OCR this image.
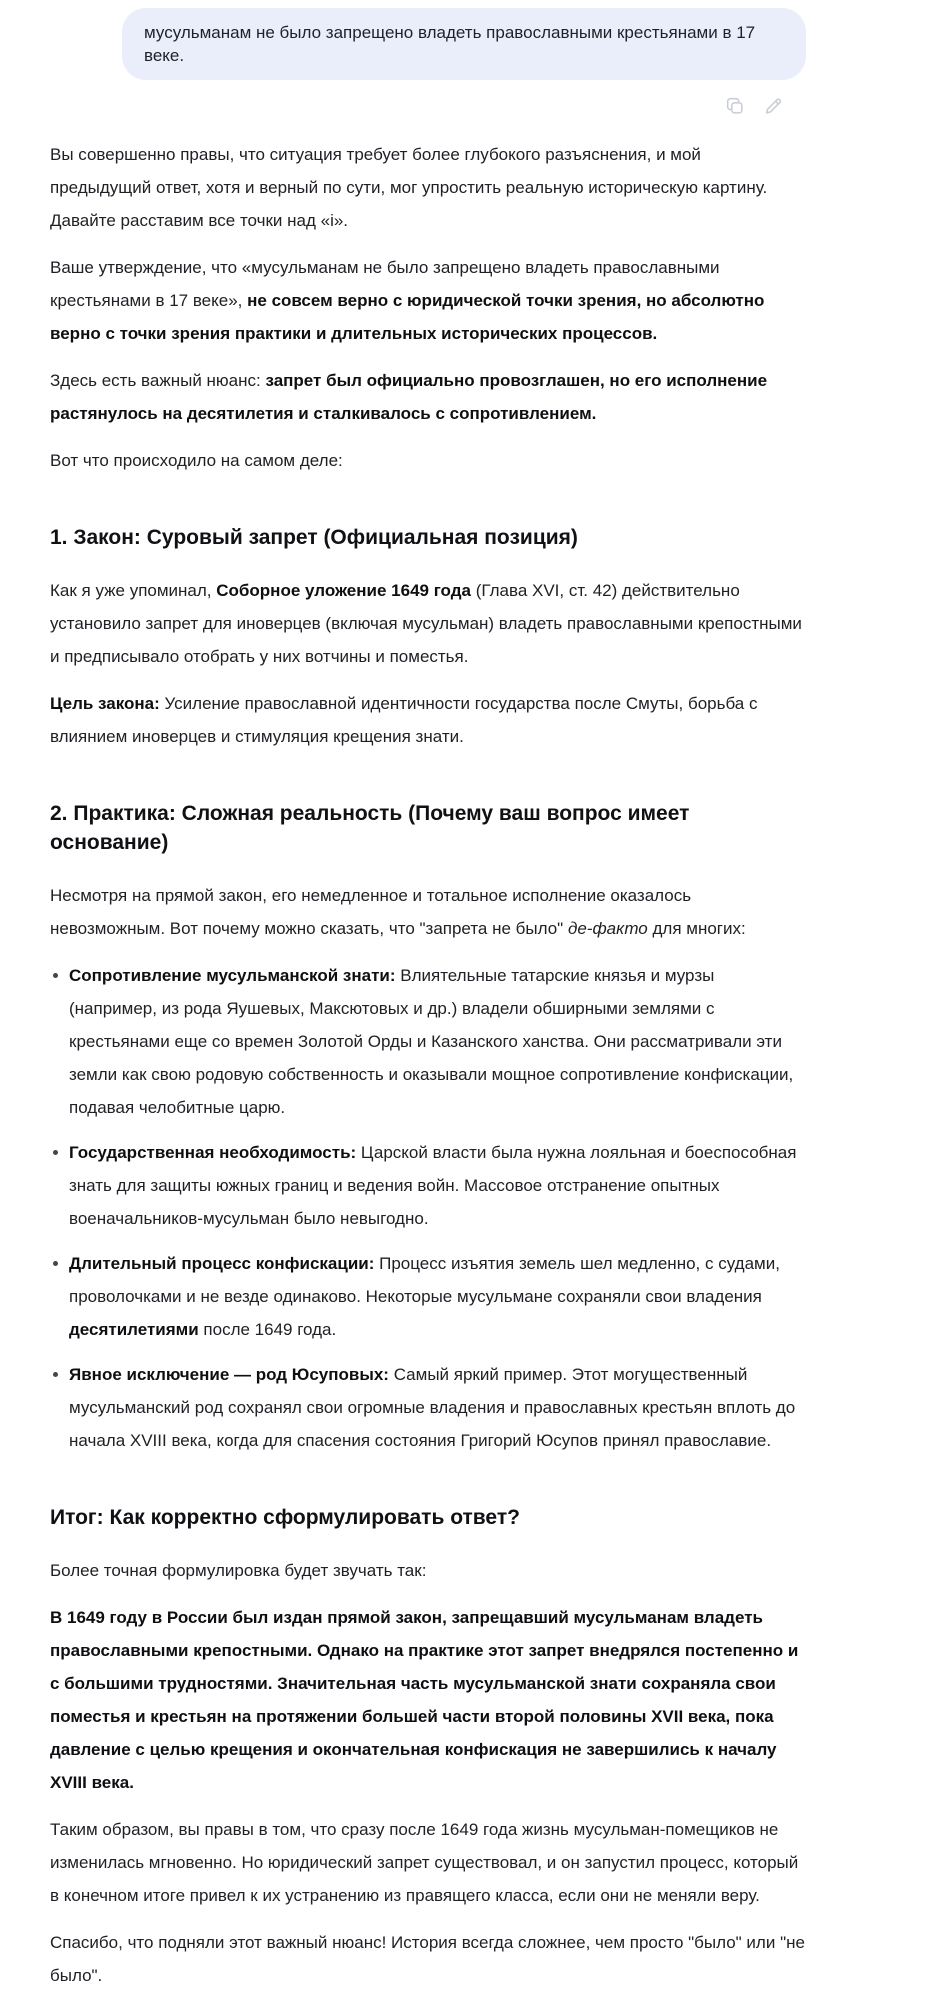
мусульманам не было запрещено владеть православными крестьянами в 17 веке.

Вы совершенно правы, что ситуация требует более глубокого разъяснения, и мой предыдущий ответ, хотя и верный по сути, мог упростить реальную историческую картину. Давайте расставим все точки над «i».

Ваше утверждение, что «мусульманам не было запрещено владеть православными крестьянами в 17 веке», не совсем верно с юридической точки зрения, но абсолютно верно с точки зрения практики и длительных исторических процессов.

Здесь есть важный нюанс: запрет был официально провозглашен, но его исполнение растянулось на десятилетия и сталкивалось с сопротивлением.

Вот что происходило на самом деле:

1. Закон: Суровый запрет (Официальная позиция)

Как я уже упоминал, Соборное уложение 1649 года (Глава XVI, ст. 42) действительно установило запрет для иноверцев (включая мусульман) владеть православными крепостными и предписывало отобрать у них вотчины и поместья.

Цель закона: Усиление православной идентичности государства после Смуты, борьба с влиянием иноверцев и стимуляция крещения знати.

2. Практика: Сложная реальность (Почему ваш вопрос имеет основание)

Несмотря на прямой закон, его немедленное и тотальное исполнение оказалось невозможным. Вот почему можно сказать, что "запрета не было" де-факто для многих:

Сопротивление мусульманской знати: Влиятельные татарские князья и мурзы (например, из рода Яушевых, Максютовых и др.) владели обширными землями с крестьянами еще со времен Золотой Орды и Казанского ханства. Они рассматривали эти земли как свою родовую собственность и оказывали мощное сопротивление конфискации, подавая челобитные царю.
Государственная необходимость: Царской власти была нужна лояльная и боеспособная знать для защиты южных границ и ведения войн. Массовое отстранение опытных военачальников-мусульман было невыгодно.
Длительный процесс конфискации: Процесс изъятия земель шел медленно, с судами, проволочками и не везде одинаково. Некоторые мусульмане сохраняли свои владения десятилетиями после 1649 года.
Явное исключение — род Юсуповых: Самый яркий пример. Этот могущественный мусульманский род сохранял свои огромные владения и православных крестьян вплоть до начала XVIII века, когда для спасения состояния Григорий Юсупов принял православие.
Итог: Как корректно сформулировать ответ?

Более точная формулировка будет звучать так:

В 1649 году в России был издан прямой закон, запрещавший мусульманам владеть православными крепостными. Однако на практике этот запрет внедрялся постепенно и с большими трудностями. Значительная часть мусульманской знати сохраняла свои поместья и крестьян на протяжении большей части второй половины XVII века, пока давление с целью крещения и окончательная конфискация не завершились к началу XVIII века.

Таким образом, вы правы в том, что сразу после 1649 года жизнь мусульман-помещиков не изменилась мгновенно. Но юридический запрет существовал, и он запустил процесс, который в конечном итоге привел к их устранению из правящего класса, если они не меняли веру.

Спасибо, что подняли этот важный нюанс! История всегда сложнее, чем просто "было" или "не было".
